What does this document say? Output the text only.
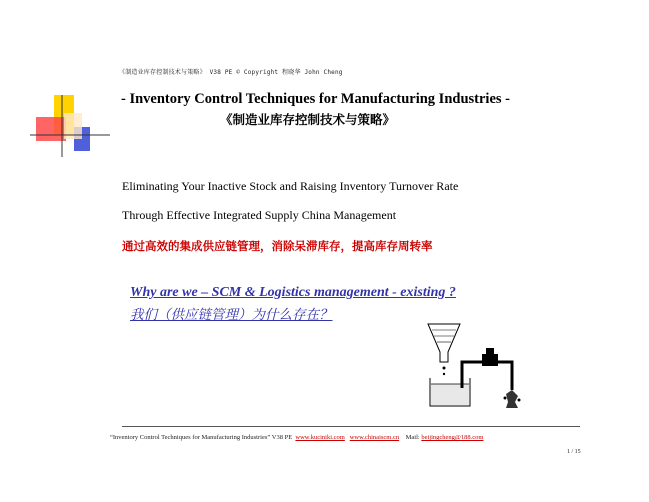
《制造业库存控制技术与策略》 V38 PE © Copyright 程晓华 John Cheng
- Inventory Control Techniques for Manufacturing Industries -
《制造业库存控制技术与策略》
Eliminating Your Inactive Stock and Raising Inventory Turnover Rate
Through Effective Integrated Supply China Management
通过高效的集成供应链管理，消除呆滞库存，提高库存周转率
Why are we – SCM & Logistics management - existing ?
我们（供应链管理）为什么存在？
“Inventory Control Techniques for Manufacturing Industries” V38 PE www.kuciniki.com www.chinaiscm.cn Mail: beijingcheng@188.com
1 / 15
